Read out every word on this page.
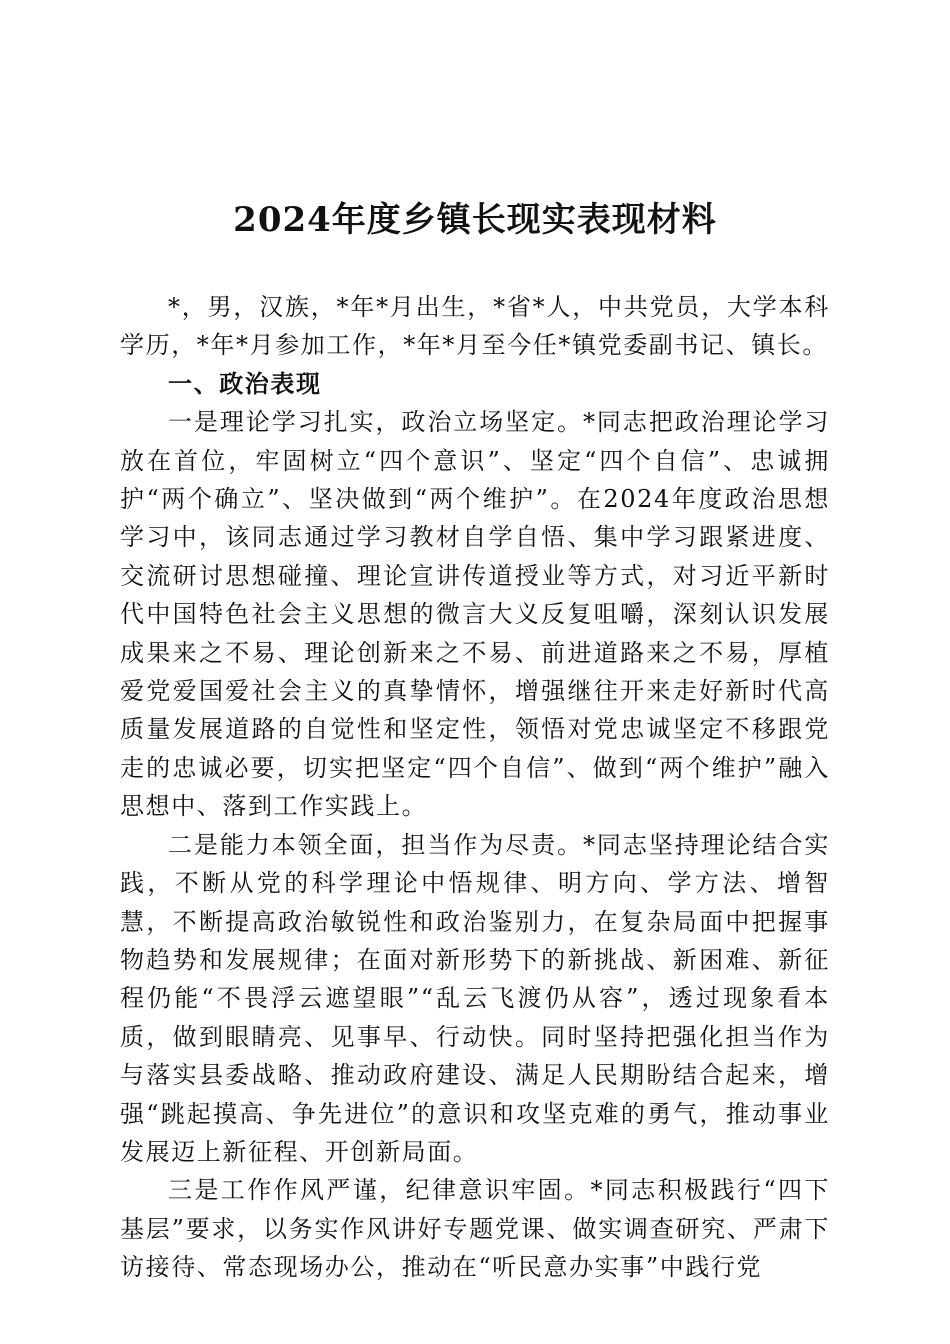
2024年度乡镇长现实表现材料

*，男，汉族，*年*月出生，*省*人，中共党员，大学本科学历，*年*月参加工作，*年*月至今任*镇党委副书记、镇长。

一、政治表现

一是理论学习扎实，政治立场坚定。*同志把政治理论学习放在首位，牢固树立“四个意识”、坚定“四个自信”、忠诚拥护“两个确立”、坚决做到“两个维护”。在2024年度政治思想学习中，该同志通过学习教材自学自悟、集中学习跟紧进度、交流研讨思想碰撞、理论宣讲传道授业等方式，对习近平新时代中国特色社会主义思想的微言大义反复咀嚼，深刻认识发展成果来之不易、理论创新来之不易、前进道路来之不易，厚植爱党爱国爱社会主义的真挚情怀，增强继往开来走好新时代高质量发展道路的自觉性和坚定性，领悟对党忠诚坚定不移跟党走的忠诚必要，切实把坚定“四个自信”、做到“两个维护”融入思想中、落到工作实践上。

二是能力本领全面，担当作为尽责。*同志坚持理论结合实践，不断从党的科学理论中悟规律、明方向、学方法、增智慧，不断提高政治敏锐性和政治鉴别力，在复杂局面中把握事物趋势和发展规律；在面对新形势下的新挑战、新困难、新征程仍能“不畏浮云遮望眼”“乱云飞渡仍从容”，透过现象看本质，做到眼睛亮、见事早、行动快。同时坚持把强化担当作为与落实县委战略、推动政府建设、满足人民期盼结合起来，增强“跳起摸高、争先进位”的意识和攻坚克难的勇气，推动事业发展迈上新征程、开创新局面。

三是工作作风严谨，纪律意识牢固。*同志积极践行“四下基层”要求，以务实作风讲好专题党课、做实调查研究、严肃下访接待、常态现场办公，推动在“听民意办实事”中践行党
